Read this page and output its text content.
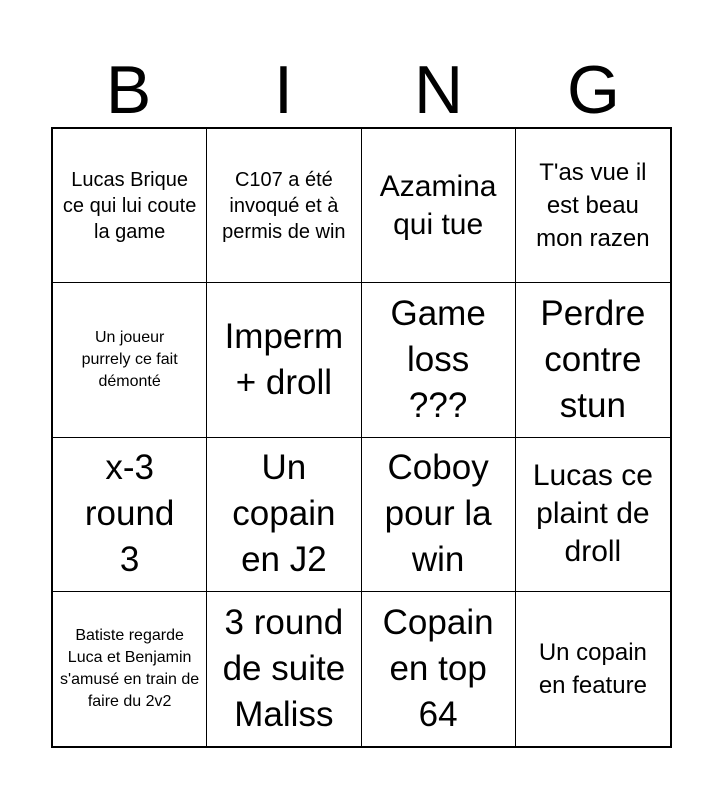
B	I	N	G
Lucas Brique ce qui lui coute la game
C107 a été invoqué et à permis de win
Azamina qui tue
T'as vue il est beau mon razen
Un joueur purrely ce fait démonté
Imperm + droll
Game loss ???
Perdre contre stun
x-3 round 3
Un copain en J2
Coboy pour la win
Lucas ce plaint de droll
Batiste regarde Luca et Benjamin s'amusé en train de faire du 2v2
3 round de suite Maliss
Copain en top 64
Un copain en feature
